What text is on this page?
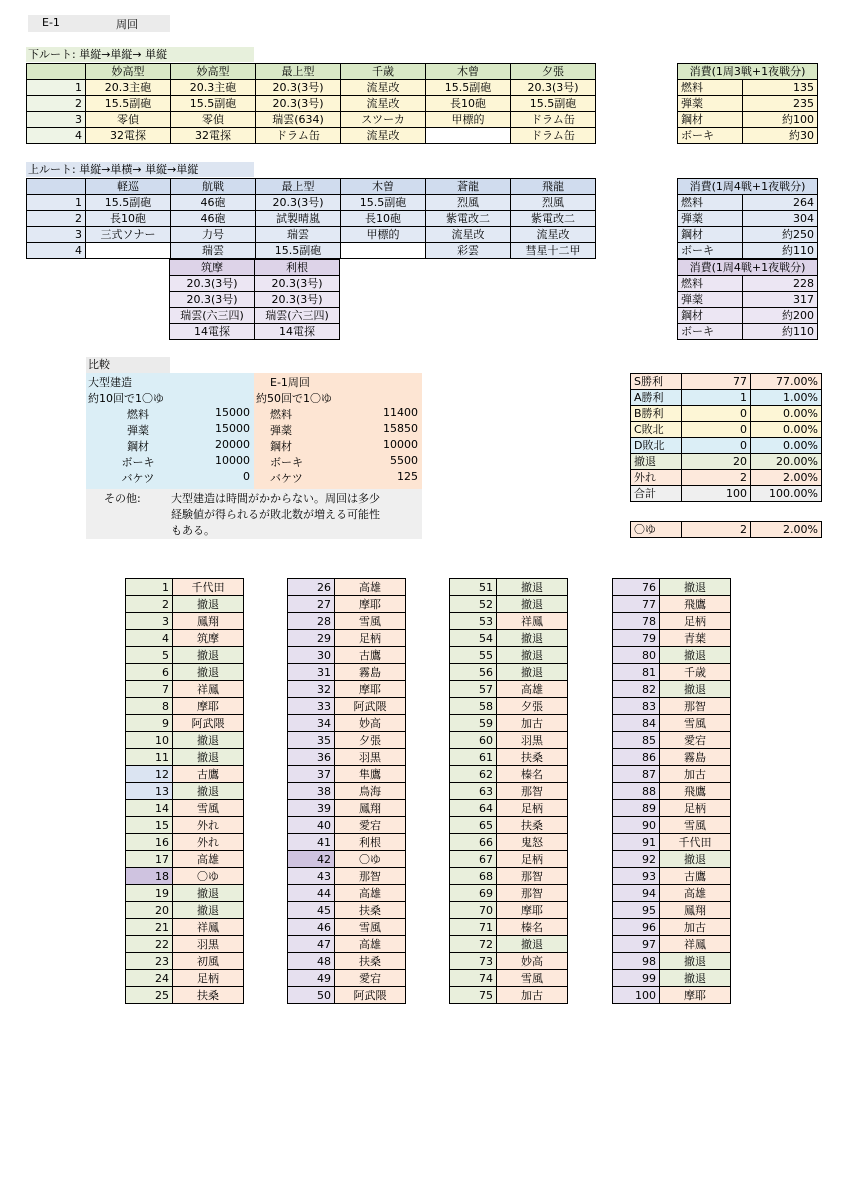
E-1	周回
下ルート: 単縦→単縦→ 単縦
	妙高型	妙高型	最上型	千歳	木曾	夕張
1	20.3主砲	20.3主砲	20.3(3号)	流星改	15.5副砲	20.3(3号)
2	15.5副砲	15.5副砲	20.3(3号)	流星改	長10砲	15.5副砲
3	零偵	零偵	瑞雲(634)	スツーカ	甲標的	ドラム缶
4	32電探	32電探	ドラム缶	流星改		ドラム缶
消費(1周3戦+1夜戦分)	
燃料	135
弾薬	235
鋼材	約100
ボーキ	約30
上ルート: 単縦→単横→ 単縦→単縦
	軽巡	航戦	最上型	木曽	蒼龍	飛龍
1	15.5副砲	46砲	20.3(3号)	15.5副砲	烈風	烈風
2	長10砲	46砲	試製晴嵐	長10砲	紫電改二	紫電改二
3	三式ソナー	力号	瑞雲	甲標的	流星改	流星改
4		瑞雲	15.5副砲		彩雲	彗星十二甲
筑摩	利根
20.3(3号)	20.3(3号)
20.3(3号)	20.3(3号)
瑞雲(六三四)	瑞雲(六三四)
14電探	14電探
消費(1周4戦+1夜戦分)	
燃料	264
弾薬	304
鋼材	約250
ボーキ	約110
消費(1周4戦+1夜戦分)	
燃料	228
弾薬	317
鋼材	約200
ボーキ	約110
比較
大型建造
約10回で1〇ゆ
E-1周回
約50回で1〇ゆ
燃料	15000 燃料	11400
弾薬	15000 弾薬	15850
鋼材	20000 鋼材	10000
ボーキ	10000 ボーキ	5500
バケツ	0 バケツ	125
その他:	大型建造は時間がかからない。周回は多少
経験値が得られるが敗北数が増える可能性
もある。
S勝利	77	77.00%
A勝利	1	1.00%
B勝利	0	0.00%
C敗北	0	0.00%
D敗北	0	0.00%
撤退	20	20.00%
外れ	2	2.00%
合計	100	100.00%
〇ゆ	2	2.00%
1	千代田
2	撤退
3	鳳翔
4	筑摩
5	撤退
6	撤退
7	祥鳳
8	摩耶
9	阿武隈
10	撤退
11	撤退
12	古鷹
13	撤退
14	雪風
15	外れ
16	外れ
17	高雄
18	〇ゆ
19	撤退
20	撤退
21	祥鳳
22	羽黒
23	初風
24	足柄
25	扶桑
26	高雄
27	摩耶
28	雪風
29	足柄
30	古鷹
31	霧島
32	摩耶
33	阿武隈
34	妙高
35	夕張
36	羽黒
37	隼鷹
38	鳥海
39	鳳翔
40	愛宕
41	利根
42	〇ゆ
43	那智
44	高雄
45	扶桑
46	雪風
47	高雄
48	扶桑
49	愛宕
50	阿武隈
51	撤退
52	撤退
53	祥鳳
54	撤退
55	撤退
56	撤退
57	高雄
58	夕張
59	加古
60	羽黒
61	扶桑
62	榛名
63	那智
64	足柄
65	扶桑
66	鬼怒
67	足柄
68	那智
69	那智
70	摩耶
71	榛名
72	撤退
73	妙高
74	雪風
75	加古
76	撤退
77	飛鷹
78	足柄
79	青葉
80	撤退
81	千歳
82	撤退
83	那智
84	雪風
85	愛宕
86	霧島
87	加古
88	飛鷹
89	足柄
90	雪風
91	千代田
92	撤退
93	古鷹
94	高雄
95	鳳翔
96	加古
97	祥鳳
98	撤退
99	撤退
100	摩耶
